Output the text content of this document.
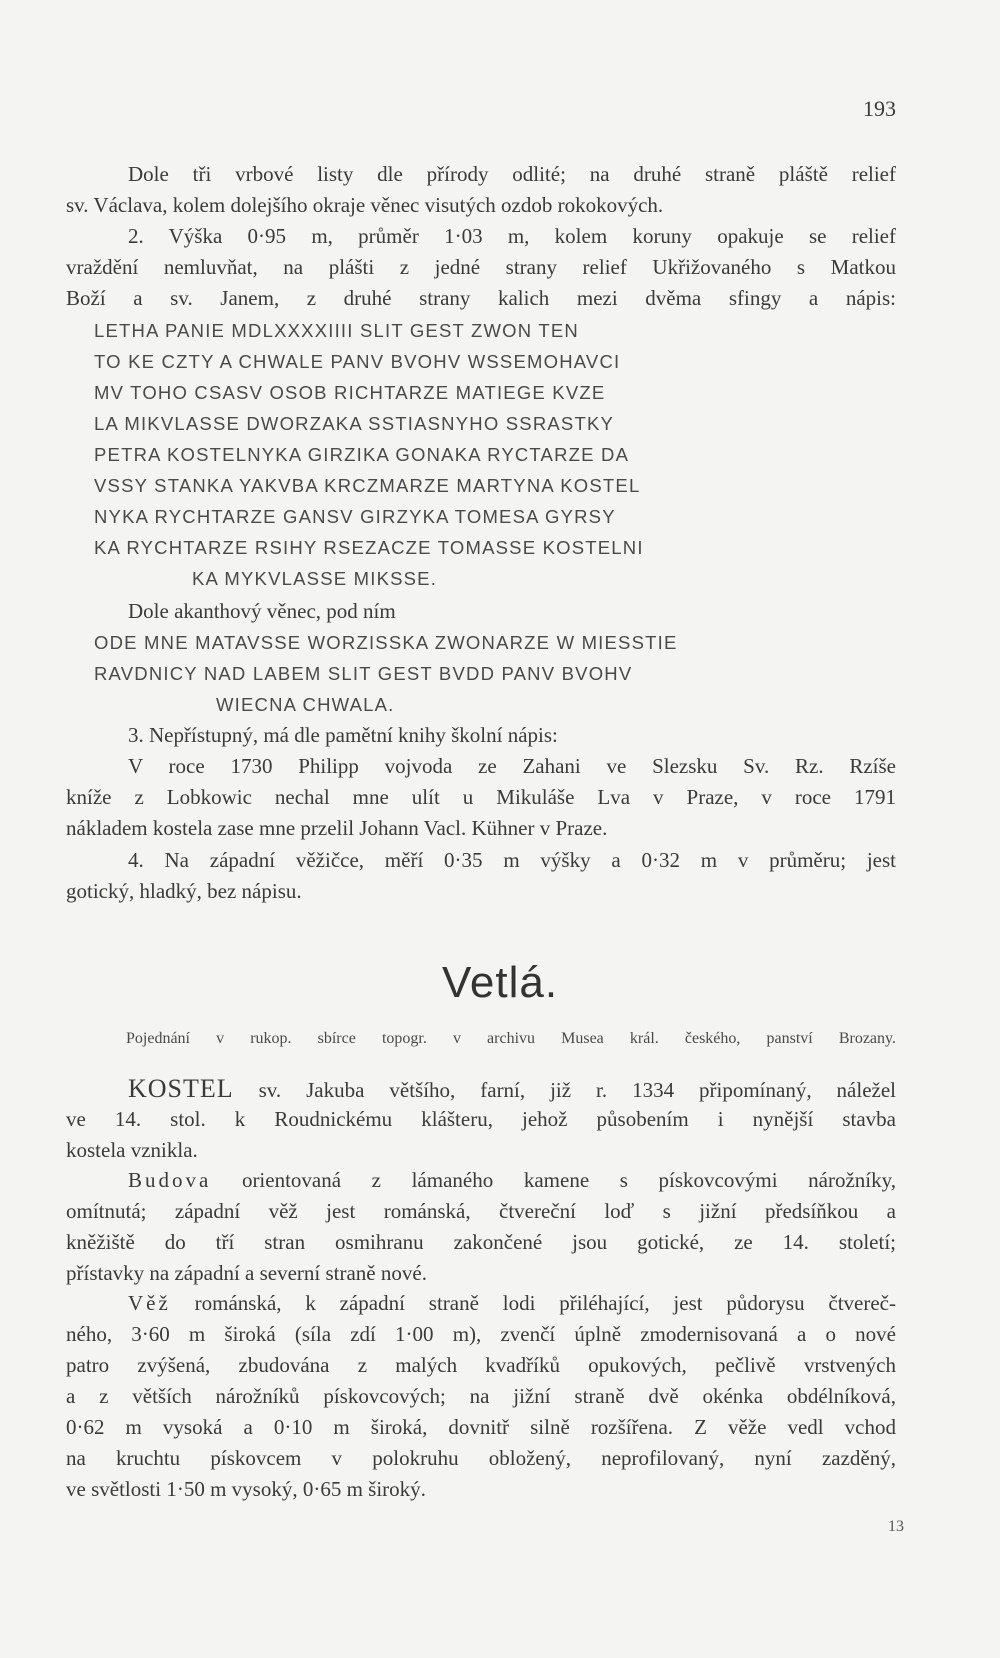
193
Dole tři vrbové listy dle přírody odlité; na druhé straně pláště relief
sv. Václava, kolem dolejšího okraje věnec visutých ozdob rokokových.
2. Výška 0·95 m, průměr 1·03 m, kolem koruny opakuje se relief
vraždění nemluvňat, na plášti z jedné strany relief Ukřižovaného s Matkou
Boží a sv. Janem, z druhé strany kalich mezi dvěma sfingy a nápis:
LETHA PANIE MDLXXXXIIII SLIT GEST ZWON TEN
TO KE CZTY A CHWALE PANV BVOHV WSSEMOHAVCI
MV TOHO CSASV OSOB RICHTARZE MATIEGE KVZE
LA MIKVLASSE DWORZAKA SSTIASNYHO SSRASTKY
PETRA KOSTELNYKA GIRZIKA GONAKA RYCTARZE DA
VSSY STANKA YAKVBA KRCZMARZE MARTYNA KOSTEL
NYKA RYCHTARZE GANSV GIRZYKA TOMESA GYRSY
KA RYCHTARZE RSIHY RSEZACZE TOMASSE KOSTELNI
KA MYKVLASSE MIKSSE.
Dole akanthový věnec, pod ním
ODE MNE MATAVSSE WORZISSKA ZWONARZE W MIESSTIE
RAVDNICY NAD LABEM SLIT GEST BVDD PANV BVOHV
WIECNA CHWALA.
3. Nepřístupný, má dle pamětní knihy školní nápis:
V roce 1730 Philipp vojvoda ze Zahani ve Slezsku Sv. Rz. Rzíše
kníže z Lobkowic nechal mne ulít u Mikuláše Lva v Praze, v roce 1791
nákladem kostela zase mne przelil Johann Vacl. Kühner v Praze.
4. Na západní věžičce, měří 0·35 m výšky a 0·32 m v průměru; jest
gotický, hladký, bez nápisu.
Vetlá.
Pojednání v rukop. sbírce topogr. v archivu Musea král. českého, panství Brozany.
KOSTEL sv. Jakuba většího, farní, již r. 1334 připomínaný, náležel
ve 14. stol. k Roudnickému klášteru, jehož působením i nynější stavba
kostela vznikla.
Budova orientovaná z lámaného kamene s pískovcovými nárožníky,
omítnutá; západní věž jest románská, čtvereční loď s jižní předsíňkou a
kněžiště do tří stran osmihranu zakončené jsou gotické, ze 14. století;
přístavky na západní a severní straně nové.
Věž románská, k západní straně lodi přiléhající, jest půdorysu čtvereč-
ného, 3·60 m široká (síla zdí 1·00 m), zvenčí úplně zmodernisovaná a o nové
patro zvýšená, zbudována z malých kvadříků opukových, pečlivě vrstvených
a z větších nárožníků pískovcových; na jižní straně dvě okénka obdélníková,
0·62 m vysoká a 0·10 m široká, dovnitř silně rozšířena. Z věže vedl vchod
na kruchtu pískovcem v polokruhu obložený, neprofilovaný, nyní zazděný,
ve světlosti 1·50 m vysoký, 0·65 m široký.
13
